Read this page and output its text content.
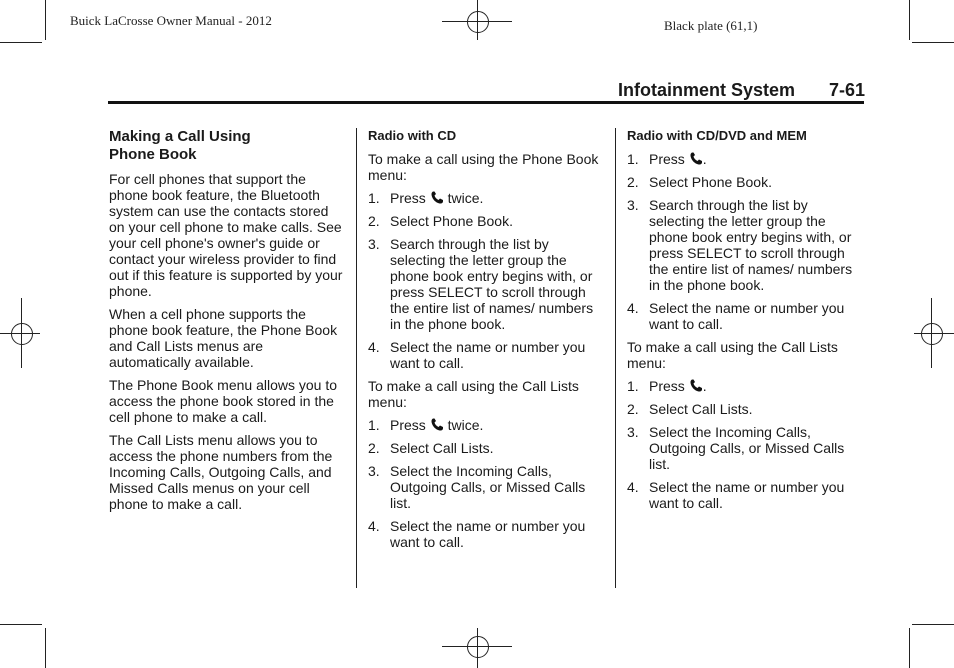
Buick LaCrosse Owner Manual - 2012	Black plate (61,1)
Infotainment System 7-61
Making a Call Using
Phone Book

For cell phones that support the phone book feature, the Bluetooth system can use the contacts stored on your cell phone to make calls. See your cell phone's owner's guide or contact your wireless provider to find out if this feature is supported by your phone.

When a cell phone supports the phone book feature, the Phone Book and Call Lists menus are automatically available.

The Phone Book menu allows you to access the phone book stored in the cell phone to make a call.

The Call Lists menu allows you to access the phone numbers from the Incoming Calls, Outgoing Calls, and Missed Calls menus on your cell phone to make a call.

Radio with CD

To make a call using the Phone Book menu:

1. Press twice.
2. Select Phone Book.
3. Search through the list by selecting the letter group the phone book entry begins with, or press SELECT to scroll through the entire list of names/ numbers in the phone book.
4. Select the name or number you want to call.

To make a call using the Call Lists menu:

1. Press twice.
2. Select Call Lists.
3. Select the Incoming Calls, Outgoing Calls, or Missed Calls list.
4. Select the name or number you want to call.
Radio with CD/DVD and MEM
1. Press .
2. Select Phone Book.
3. Search through the list by selecting the letter group the phone book entry begins with, or press SELECT to scroll through the entire list of names/ numbers in the phone book.
4. Select the name or number you want to call.

To make a call using the Call Lists menu:

1. Press .
2. Select Call Lists.
3. Select the Incoming Calls, Outgoing Calls, or Missed Calls list.
4. Select the name or number you want to call.
